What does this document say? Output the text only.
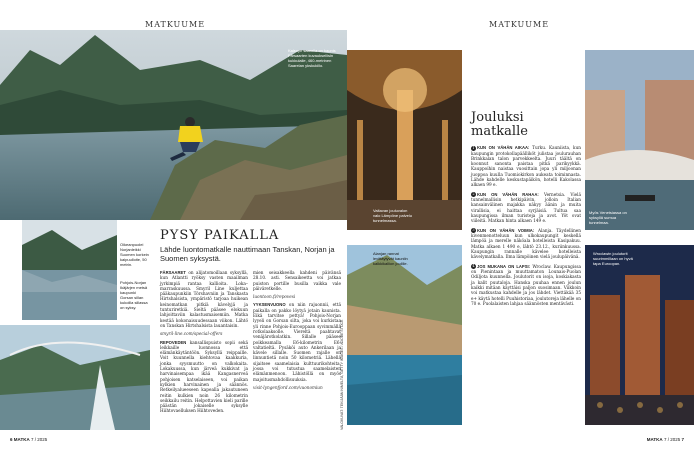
MATKUUME
Kalsoyn saarella on kaunis Färsaarten kuvauksellisin kukkulalle, 460-metrinen Saarelan ykskukillo.
Oikeanpuolei Norjanleikki Suomen korkein kaipuulloite, 50 metrin.
Pohjois-Norjan Ikäjärjen metsä kaupunki Gorsan sillan kukoilla sillassa on syksy.
PYSY PAIKALLA
Lähde luontomatkalle nauttimaan Tanskan, Norjan ja Suomen syksystä.

FÄRSAARET on alijatomoillaan syksyllä, kun Atlantti ryöksy vasten maailman jyrkimpiä rantaa kallioita. Loka–marraskuussa. Smyril Line kuljettaa pääkaupunkiin Tórshavniin ja Tanskasta Hirtshalsista, ympäristö tarjoaa huikean keinomatkan pitkiä kävelyjä ja tunturiretkiä. Sieltä pääsee elokuun lahjoittaviin kalastusmaisemiin. Matka kestää kokonaisuudessaan viikon. Lähtö on Tanskan Hirtshalsista lauantaisin.

smyril-line.com/special-offers

REPOVEDEN kansallispuisto sopii sekä leikkaille luonnossa että elämänkäytäntöön. Syksyllä reippaille. Voit kuunnella kiehtovaa kaakkuria, jonka syysmuutto on valkokaita. Lokakuussa, kun järveä kukkivat ja harvinaisempaa ikää Kangasnerveä pohjoisen katselaiseen, voi paikan kylkien harvinainen ja säännös. Retkeilyalueeseen kapealla jakautuneen reitin kulkien noin 26 kilometrin seikkailu reitin. Helpottavien kieli parille päästän jokaiselle syksylle Hiihtovaelluksen Hiihtoveden.

mien seisakkeella kahdeni päivänsä 28.10. asti. Sensaikeetta voi jatkaa puiston portille busilla vaikka vale päiväretkelle.

luontoon.fi/repovesi

YYKSENVUONO on niin rajuonnii, että paikalla on pakko löytyä jotain kaunista. Eikä tarvitse pettyä! Pohjois-Norjan lyyeli on Gorsan silta, joka voi kurkistaa yli rinne Pohjois-Eurooppaan syvimmällä rotkolaaksolle. Viereltä paahtavat venäjärotkolatkin. Sillalle pääsee poikkeamalla E6-kilometrin E6-valtatieltä. Pysäköi auto Ankerilaan ja kävele sillalle. Suomen rajalle on linnuntietä noin 50 kilometriä. Lähellä sijaitsee saamelaisia kulttuurikohteita, jossa voi tutustua saamelaisten elämänmenoon. Lähistöllä on myös majoitusmahdollisuuksia.

visit-lyngenfjord.com/vuonomiun	VALOKUVAT: TEKIJÄÄN NIMELTÄ, GETTY IMAGES / ADOBE STOCK
6 MATKA 7 / 2025
MATKUUME
Valtavan jouluvalon valo Lämpöne palvelu tunnelmassa.
Myös Venetsiassa on syksyllä sumua tunnelmaa.
Alanjan rannat levittäytyvät kauniin kalkkikallion joulille.
Wroclawin joulutorit suurimmillaan on hyvä tapa Euroopan.
Jouluksi matkalle

1 KUN ON VÄHÄN AIKAA: Turku. Kauniista, kun kaupungin protokollapäälliköt julistaa joulurauhan Brinkkalan talon parvekkeelta. Juuri täältä on koonnut sanonta paistaa pitkä parikyykkä. Kauppoihin naistaa vuosittain jopa yli miljoonan juoppoa kuulla Tuomiokirkon aukeata toiminnasta. Lähde kahdelle keskustapäikön, hotelli Kakolassa alkaen 99 e.

2 KUN ON VÄHÄN RAHAA: Vernetsia. Vielä tunnelmallisin hetkipäivin, jolloin Italian kansainvälinen majakka näkyy äänin ja muita virallisia, ei haittaa syrjäisiä. Tultua saa kaupungissa ilman turisteja ja avot. Yöt ovat viileitä. Matkan hinta alkaen 149 e.

3 KUN ON VÄHÄN VOIMIA: Alanja. Täydellinen kivenmenotteluun kun ulkokaupungit keskellä lämpöä ja merelle näköala hotelleista Kasipakuu. Matka alkaen 1 490 e, lähtö 23.12., kuriinkuussa. Kaupungin rannalle kävelee hotelleista kävelymatkalla. Ilma lämpöinen vielä joulupäivänä.

4 JOS MUKANA ON LAPSI: Wroclaw. Kaupungissa on Pienintaan ja muuttamaton Lounais-Puolan Odiljota kuunnella. Joulutorit on isoja, koskiakasta ja kalit puutaloja. Hanska puuhaa ennen joulun kaikki mitäan käyttäisi paljon suosimaan. Viikkoin voi matkustaa kahdelle ja jos lähdet. Viettäkää 35 e+ käytä hotelli Puuhistoriaa, joulutoreja lähelle on 70 e. Puolalaisten lahjaa säännösten mentävästi.

MATKA 7 / 2025 7
